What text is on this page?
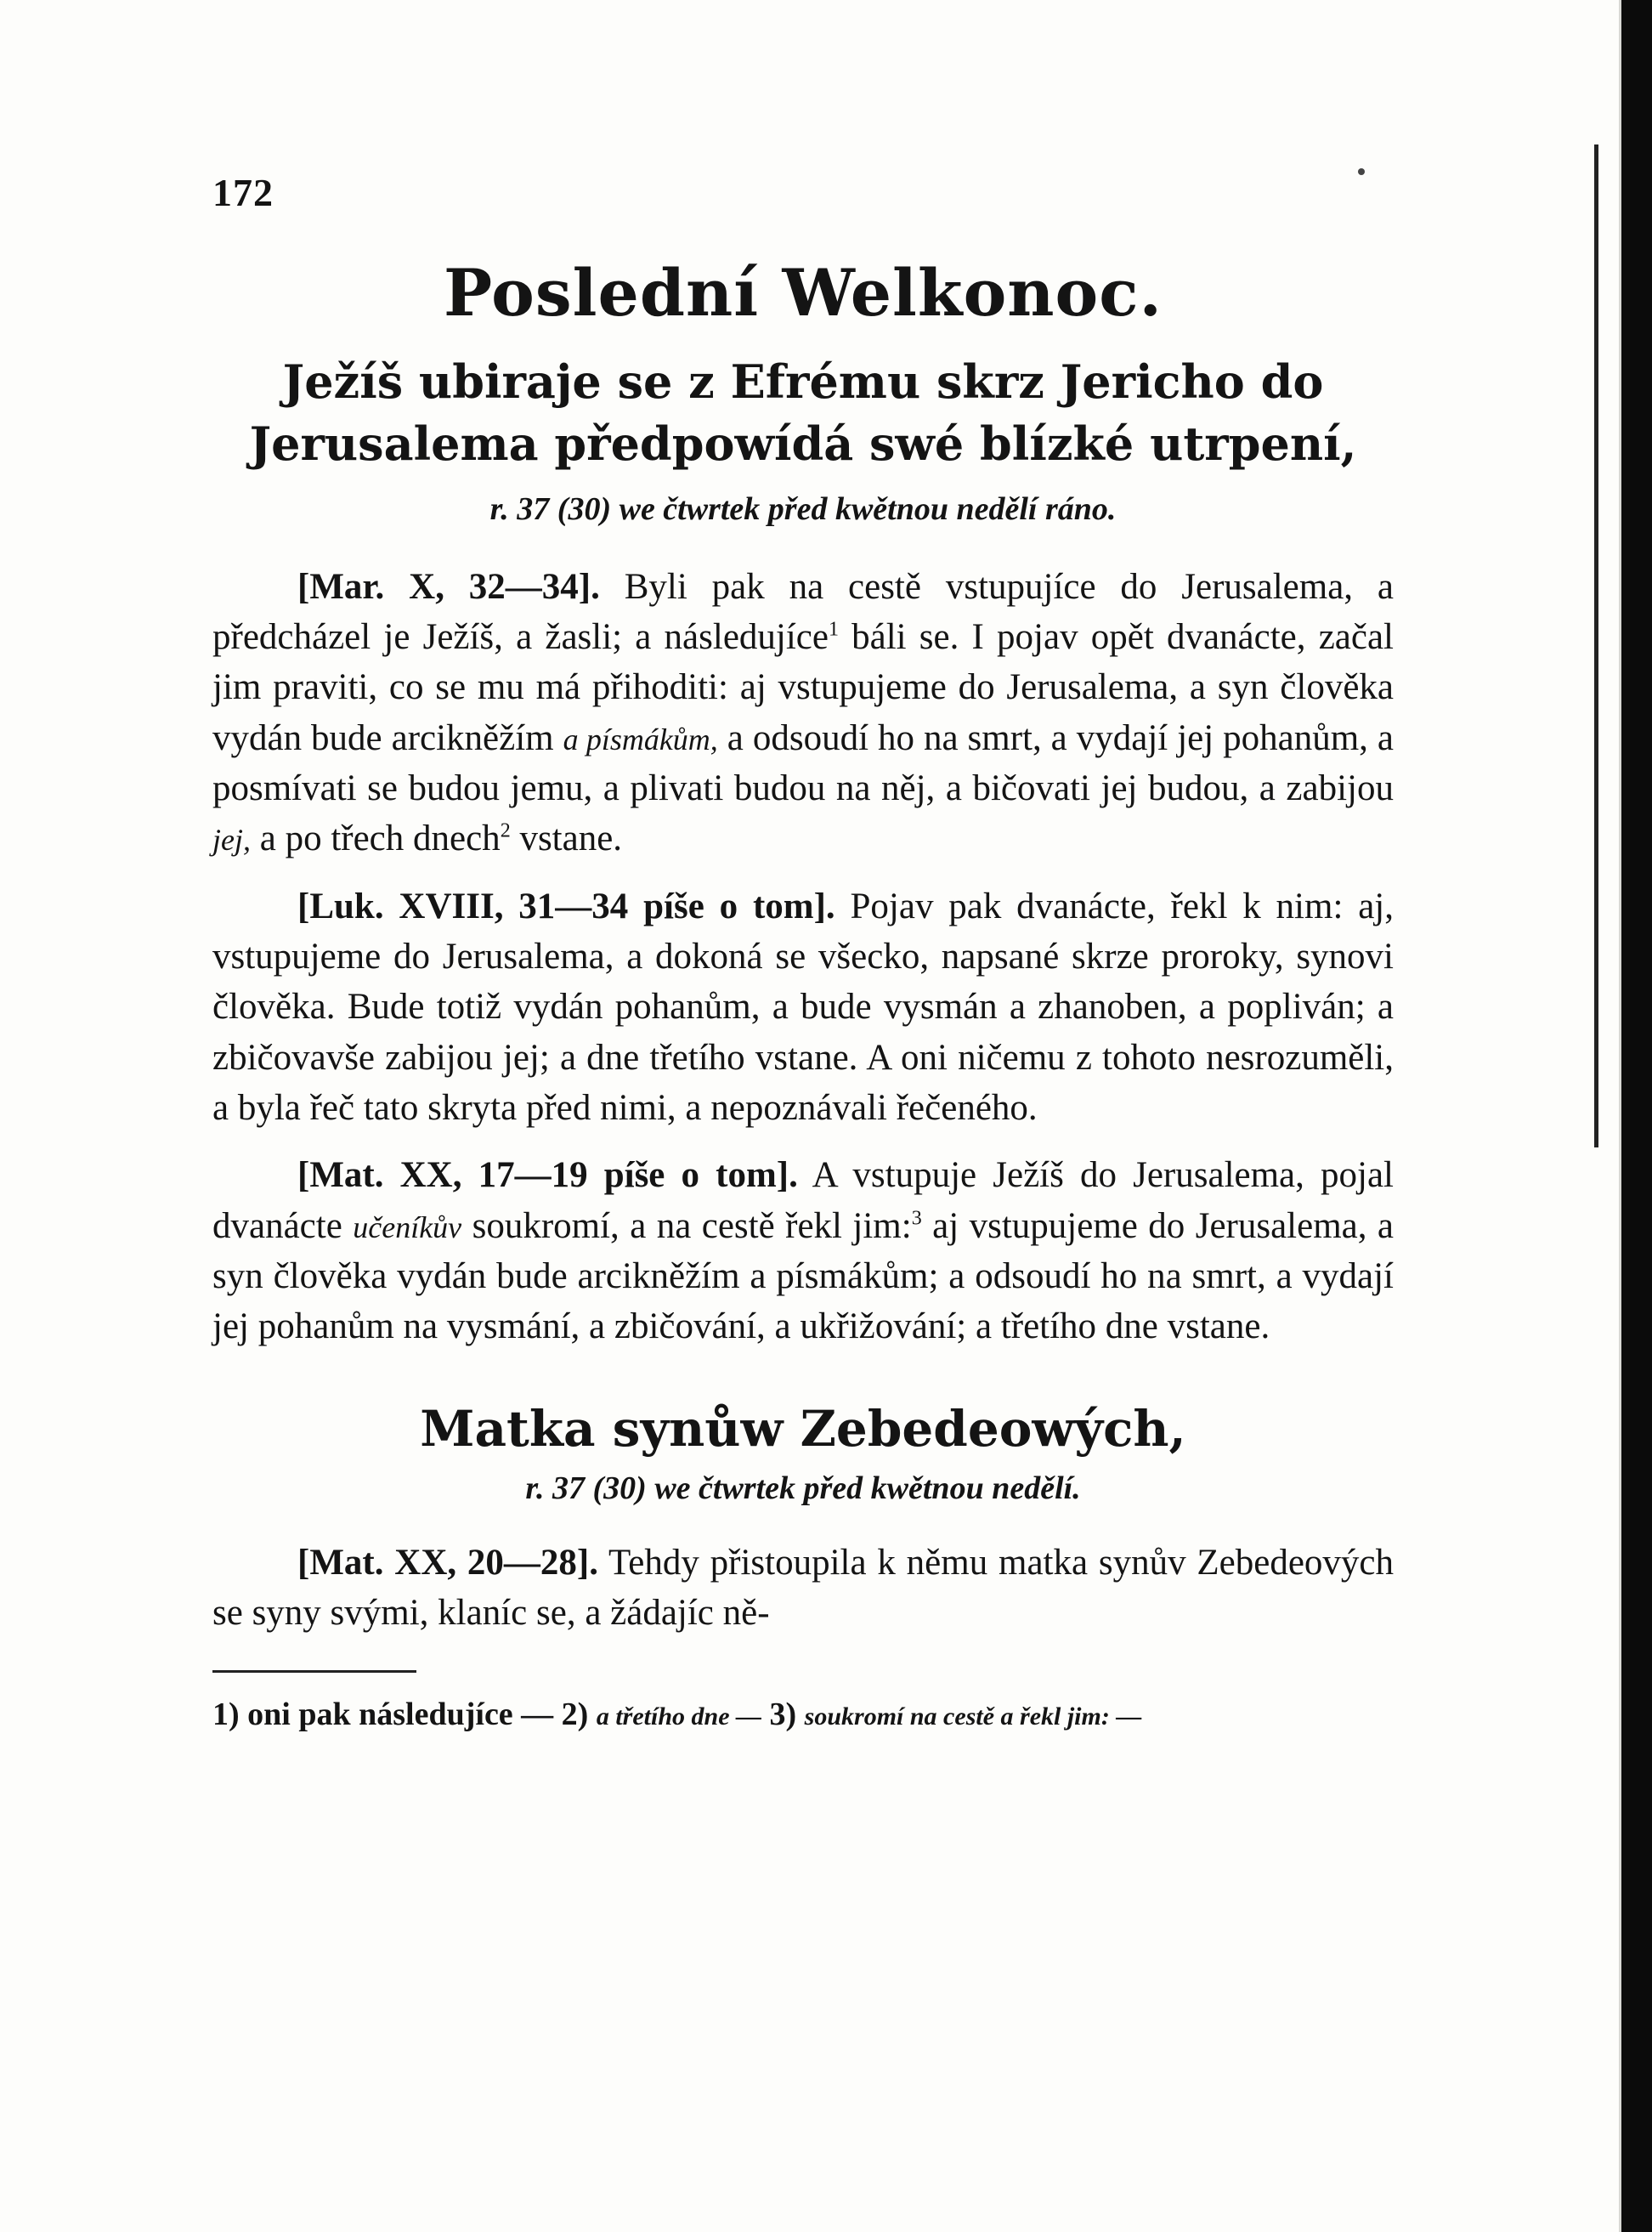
172
Poslední Welkonoc.
Ježíš ubiraje se z Efrému skrz Jericho do Jerusalema předpowídá swé blízké utrpení,
r. 37 (30) we čtwrtek před kwětnou nedělí ráno.

[Mar. X, 32—34]. Byli pak na cestě vstupujíce do Jerusalema, a předcházel je Ježíš, a žasli; a následujíce$^1$ báli se. I pojav opět dvanácte, začal jim praviti, co se mu má přihoditi: aj vstupujeme do Jerusalema, a syn člověka vydán bude arcikněžím a písmákům, a odsoudí ho na smrt, a vydají jej pohanům, a posmívati se budou jemu, a plivati budou na něj, a bičovati jej budou, a zabijou jej, a po třech dnech$^2$ vstane.

[Luk. XVIII, 31—34 píše o tom]. Pojav pak dvanácte, řekl k nim: aj, vstupujeme do Jerusalema, a dokoná se všecko, napsané skrze proroky, synovi člověka. Bude totiž vydán pohanům, a bude vysmán a zhanoben, a popliván; a zbičovavše zabijou jej; a dne třetího vstane. A oni ničemu z tohoto nesrozuměli, a byla řeč tato skryta před nimi, a nepoznávali řečeného.

[Mat. XX, 17—19 píše o tom]. A vstupuje Ježíš do Jerusalema, pojal dvanácte učeníkův soukromí, a na cestě řekl jim:$^3$ aj vstupujeme do Jerusalema, a syn člověka vydán bude arcikněžím a písmákům; a odsoudí ho na smrt, a vydají jej pohanům na vysmání, a zbičování, a ukřižování; a třetího dne vstane.

Matka synůw Zebedeowých,
r. 37 (30) we čtwrtek před kwětnou nedělí.

[Mat. XX, 20—28]. Tehdy přistoupila k němu matka synův Zebedeových se syny svými, klaníc se, a žádajíc ně-

1) oni pak následujíce — 2) a třetího dne — 3) soukromí na cestě a řekl jim: —
